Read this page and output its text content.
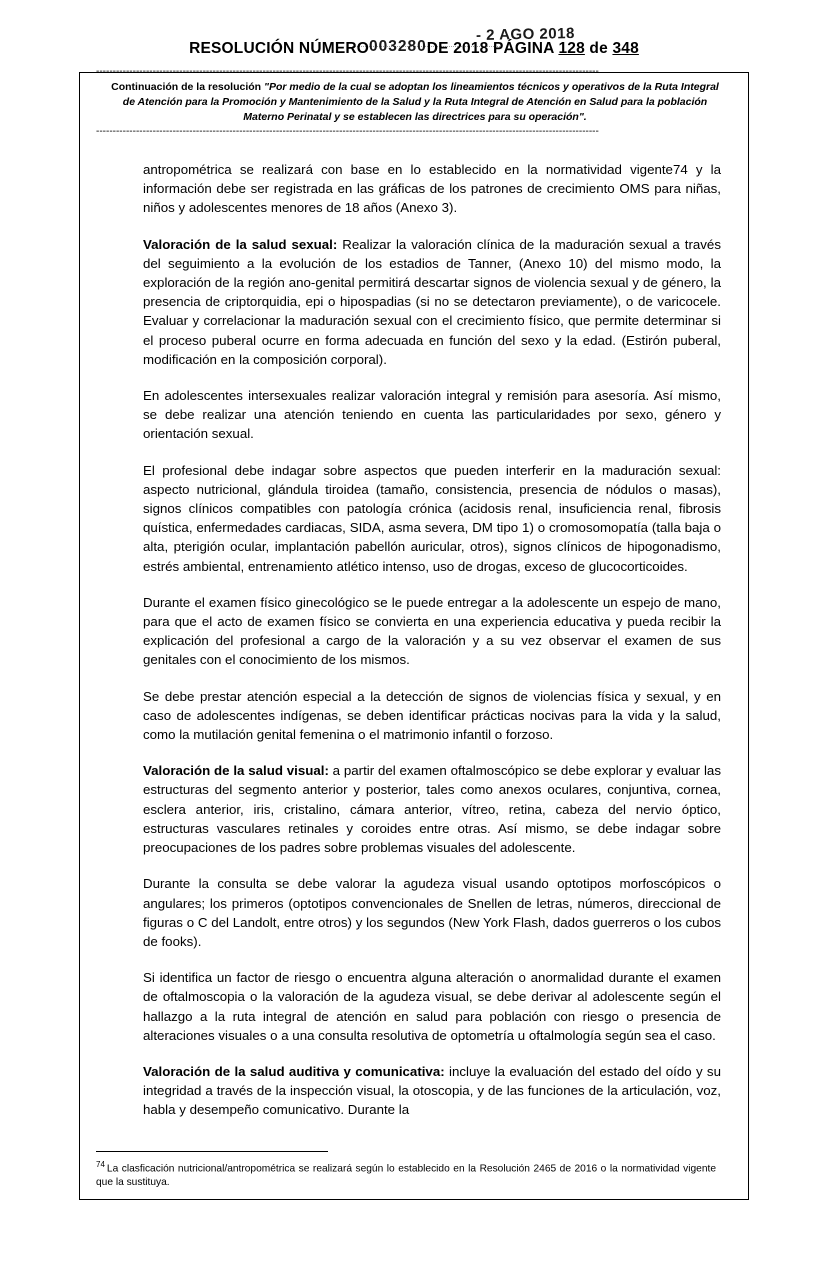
- 2 AGO 2018
RESOLUCIÓN NÚMERO003280DE 2018 PÁGINA 128 de 348
-------------------------------------------------------------------------------------------------------------------------------------------------------
-------------------------------------------------------------------------------------------------------------------------------------------------------
Continuación de la resolución "Por medio de la cual se adoptan los lineamientos técnicos y operativos de la Ruta Integral de Atención para la Promoción y Mantenimiento de la Salud y la Ruta Integral de Atención en Salud para la población Materno Perinatal y se establecen las directrices para su operación".

antropométrica se realizará con base en lo establecido en la normatividad vigente74 y la información debe ser registrada en las gráficas de los patrones de crecimiento OMS para niñas, niños y adolescentes menores de 18 años (Anexo 3).

Valoración de la salud sexual: Realizar la valoración clínica de la maduración sexual a través del seguimiento a la evolución de los estadios de Tanner, (Anexo 10) del mismo modo, la exploración de la región ano-genital permitirá descartar signos de violencia sexual y de género, la presencia de criptorquidia, epi o hipospadias (si no se detectaron previamente), o de varicocele. Evaluar y correlacionar la maduración sexual con el crecimiento físico, que permite determinar si el proceso puberal ocurre en forma adecuada en función del sexo y la edad. (Estirón puberal, modificación en la composición corporal).

En adolescentes intersexuales realizar valoración integral y remisión para asesoría. Así mismo, se debe realizar una atención teniendo en cuenta las particularidades por sexo, género y orientación sexual.

El profesional debe indagar sobre aspectos que pueden interferir en la maduración sexual: aspecto nutricional, glándula tiroidea (tamaño, consistencia, presencia de nódulos o masas), signos clínicos compatibles con patología crónica (acidosis renal, insuficiencia renal, fibrosis quística, enfermedades cardiacas, SIDA, asma severa, DM tipo 1) o cromosomopatía (talla baja o alta, pterigión ocular, implantación pabellón auricular, otros), signos clínicos de hipogonadismo, estrés ambiental, entrenamiento atlético intenso, uso de drogas, exceso de glucocorticoides.

Durante el examen físico ginecológico se le puede entregar a la adolescente un espejo de mano, para que el acto de examen físico se convierta en una experiencia educativa y pueda recibir la explicación del profesional a cargo de la valoración y a su vez observar el examen de sus genitales con el conocimiento de los mismos.

Se debe prestar atención especial a la detección de signos de violencias física y sexual, y en caso de adolescentes indígenas, se deben identificar prácticas nocivas para la vida y la salud, como la mutilación genital femenina o el matrimonio infantil o forzoso.

Valoración de la salud visual: a partir del examen oftalmoscópico se debe explorar y evaluar las estructuras del segmento anterior y posterior, tales como anexos oculares, conjuntiva, cornea, esclera anterior, iris, cristalino, cámara anterior, vítreo, retina, cabeza del nervio óptico, estructuras vasculares retinales y coroides entre otras. Así mismo, se debe indagar sobre preocupaciones de los padres sobre problemas visuales del adolescente.

Durante la consulta se debe valorar la agudeza visual usando optotipos morfoscópicos o angulares; los primeros (optotipos convencionales de Snellen de letras, números, direccional de figuras o C del Landolt, entre otros) y los segundos (New York Flash, dados guerreros o los cubos de fooks).

Si identifica un factor de riesgo o encuentra alguna alteración o anormalidad durante el examen de oftalmoscopia o la valoración de la agudeza visual, se debe derivar al adolescente según el hallazgo a la ruta integral de atención en salud para población con riesgo o presencia de alteraciones visuales o a una consulta resolutiva de optometría u oftalmología según sea el caso.

Valoración de la salud auditiva y comunicativa: incluye la evaluación del estado del oído y su integridad a través de la inspección visual, la otoscopia, y de las funciones de la articulación, voz, habla y desempeño comunicativo. Durante la

$^{74}$ La clasficación nutricional/antropométrica se realizará según lo establecido en la Resolución 2465 de 2016 o la normatividad vigente que la sustituya.
